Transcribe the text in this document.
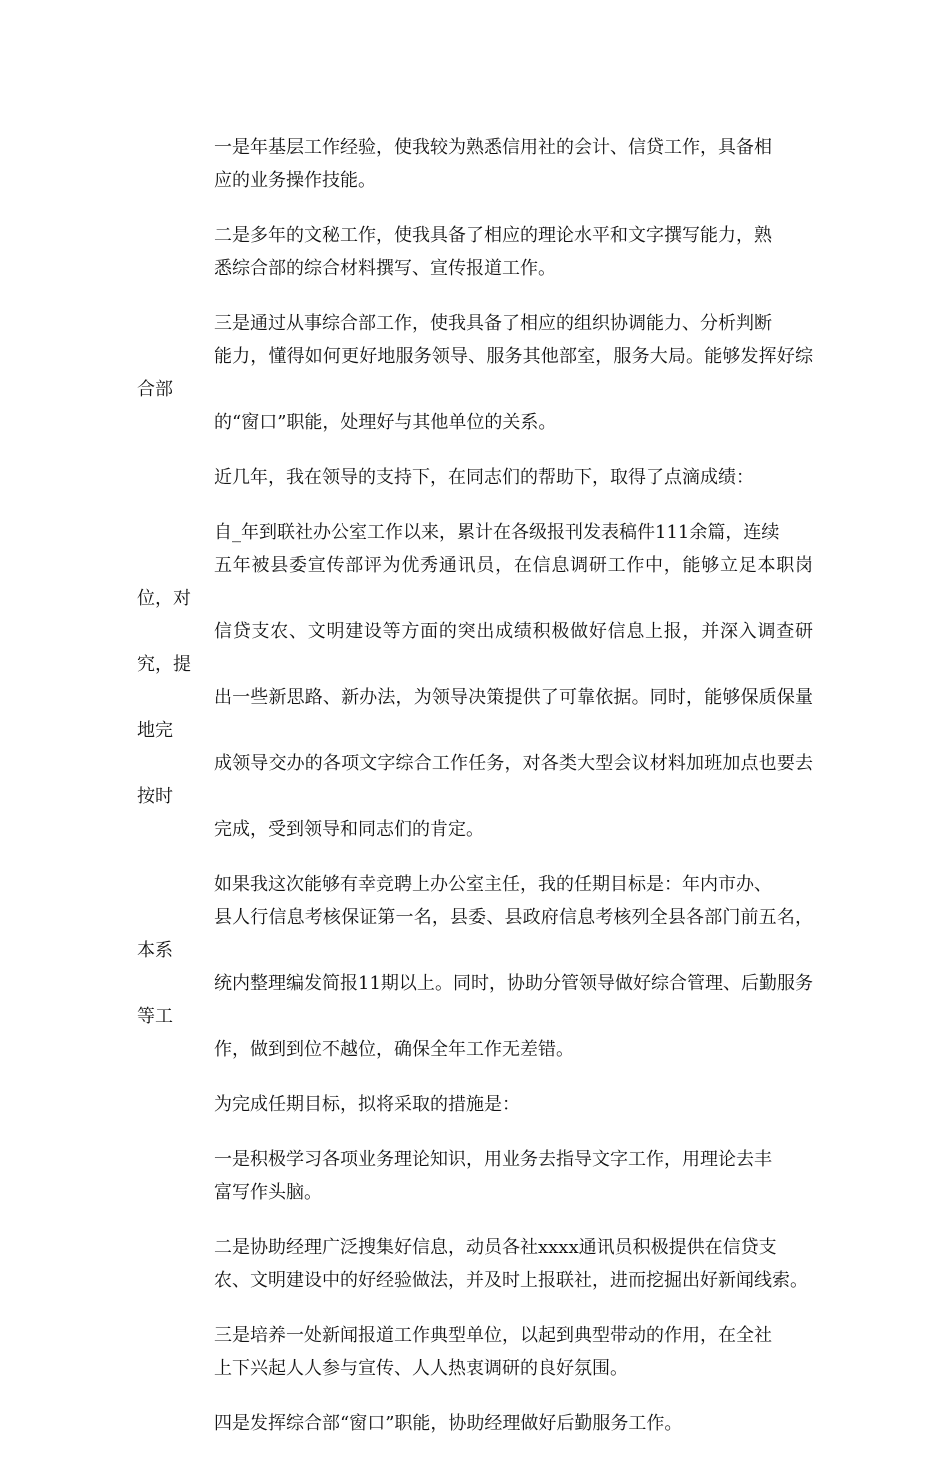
一是年基层工作经验，使我较为熟悉信用社的会计、信贷工作，具备相
应的业务操作技能。

二是多年的文秘工作，使我具备了相应的理论水平和文字撰写能力，熟
悉综合部的综合材料撰写、宣传报道工作。

三是通过从事综合部工作，使我具备了相应的组织协调能力、分析判断
能力，懂得如何更好地服务领导、服务其他部室，服务大局。能够发挥好综合部
的“窗口”职能，处理好与其他单位的关系。

近几年，我在领导的支持下，在同志们的帮助下，取得了点滴成绩：

自_年到联社办公室工作以来，累计在各级报刊发表稿件111余篇，连续
五年被县委宣传部评为优秀通讯员，在信息调研工作中，能够立足本职岗位，对
信贷支农、文明建设等方面的突出成绩积极做好信息上报，并深入调查研究，提
出一些新思路、新办法，为领导决策提供了可靠依据。同时，能够保质保量地完
成领导交办的各项文字综合工作任务，对各类大型会议材料加班加点也要去按时
完成，受到领导和同志们的肯定。

如果我这次能够有幸竞聘上办公室主任，我的任期目标是：年内市办、
县人行信息考核保证第一名，县委、县政府信息考核列全县各部门前五名，本系
统内整理编发简报11期以上。同时，协助分管领导做好综合管理、后勤服务等工
作，做到到位不越位，确保全年工作无差错。

为完成任期目标，拟将采取的措施是：

一是积极学习各项业务理论知识，用业务去指导文字工作，用理论去丰
富写作头脑。

二是协助经理广泛搜集好信息，动员各社xxxx通讯员积极提供在信贷支
农、文明建设中的好经验做法，并及时上报联社，进而挖掘出好新闻线索。

三是培养一处新闻报道工作典型单位，以起到典型带动的作用，在全社
上下兴起人人参与宣传、人人热衷调研的良好氛围。

四是发挥综合部“窗口”职能，协助经理做好后勤服务工作。
